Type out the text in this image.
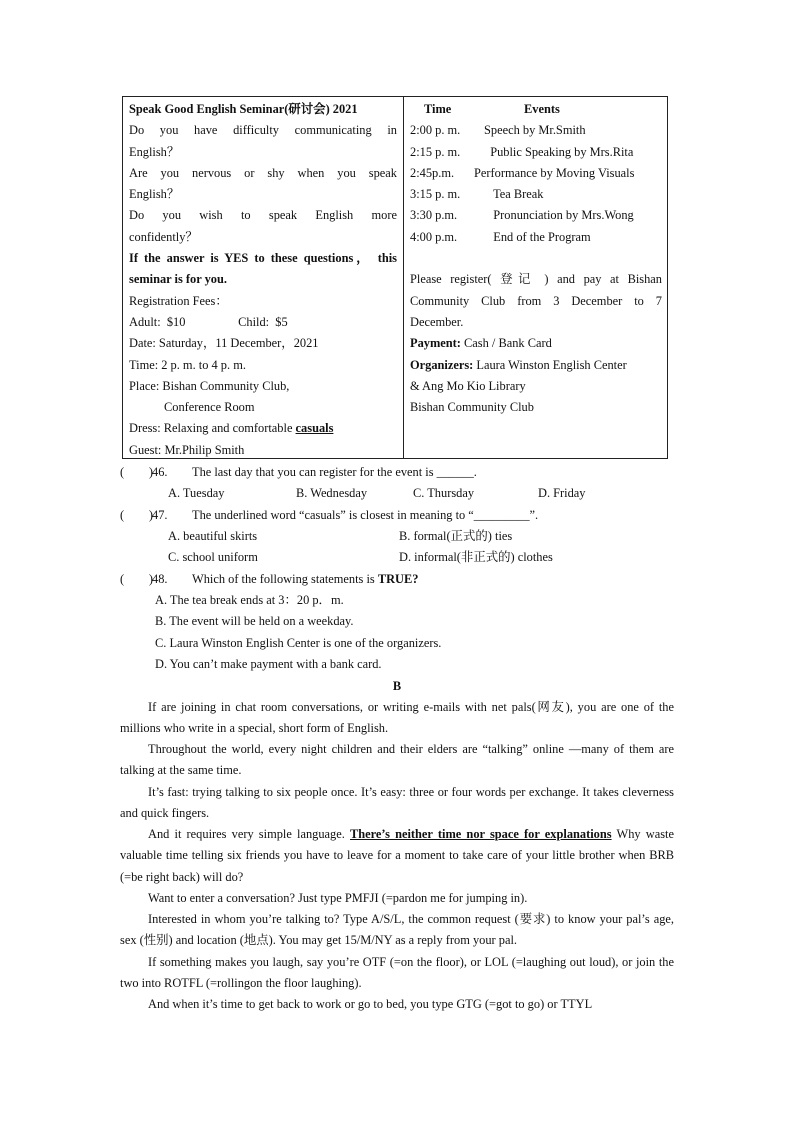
Speak Good English Seminar(研讨会) 2021
Do you have difficulty communicating in
English？
Are you nervous or shy when you speak
English？
Do you wish to speak English more
confidently？
If the answer is YES to these questions， this
seminar is for you.
Registration Fees：
Adult:  $10                 Child:  $5
Date: Saturday，11 December，2021
Time: 2 p. m. to 4 p. m.
Place: Bishan Community Club,
Conference Room
Dress: Relaxing and comfortable casuals
Guest: Mr.Philip Smith
Time	Events
2:00 p. m. Speech by Mr.Smith
2:15 p. m.  Public Speaking by Mrs.Rita
2:45p.m. Performance by Moving Visuals
3:15 p. m.   Tea Break
3:30 p.m.   Pronunciation by Mrs.Wong
4:00 p.m.   End of the Program
Please register( 登记 ) and pay at Bishan
Community Club from 3 December to 7
December.
Payment: Cash / Bank Card
Organizers: Laura Winston English Center
& Ang Mo Kio Library
Bishan Community Club
(        )46. The last day that you can register for the event is ______.
A. Tuesday	B. Wednesday	C. Thursday	D. Friday
(        )47. The underlined word “casuals” is closest in meaning to “_________”.
A. beautiful skirts	B. formal(正式的) ties
C. school uniform	D. informal(非正式的) clothes
(        )48. Which of the following statements is TRUE?
A. The tea break ends at 3：20 p．m.
B. The event will be held on a weekday.
C. Laura Winston English Center is one of the organizers.
D. You can’t make payment with a bank card.
B
If are joining in chat room conversations, or writing e-mails with net pals(网友), you are one of the millions who write in a special, short form of English.
Throughout the world, every night children and their elders are “talking” online —many of them are talking at the same time.
It’s fast: trying talking to six people once. It’s easy: three or four words per exchange. It takes cleverness and quick fingers.
And it requires very simple language. There’s neither time nor space for explanations Why waste valuable time telling six friends you have to leave for a moment to take care of your little brother when BRB (=be right back) will do?
Want to enter a conversation? Just type PMFJI (=pardon me for jumping in).
Interested in whom you’re talking to? Type A/S/L, the common request (要求) to know your pal’s age, sex (性别) and location (地点). You may get 15/M/NY as a reply from your pal.
If something makes you laugh, say you’re OTF (=on the floor), or LOL (=laughing out loud), or join the two into ROTFL (=rollingon the floor laughing).
And when it’s time to get back to work or go to bed, you type GTG (=got to go) or TTYL
